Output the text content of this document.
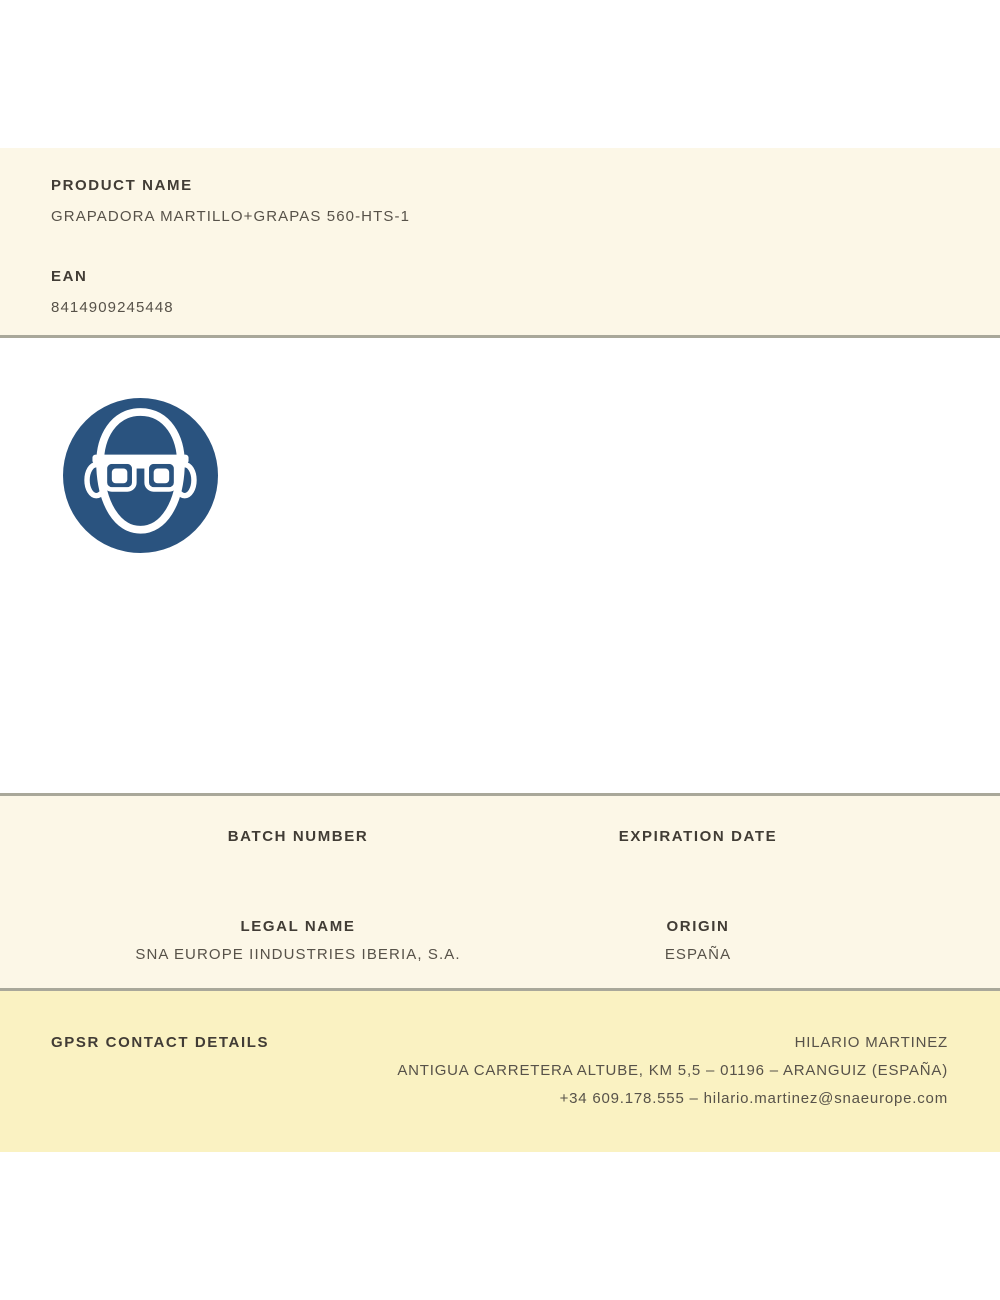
PRODUCT NAME
GRAPADORA MARTILLO+GRAPAS 560-HTS-1
EAN
8414909245448
BATCH NUMBER	EXPIRATION DATE
LEGAL NAME
SNA EUROPE IINDUSTRIES IBERIA, S.A.
ORIGIN
ESPAÑA
GPSR CONTACT DETAILS	HILARIO MARTINEZ
ANTIGUA CARRETERA ALTUBE, KM 5,5 – 01196 – ARANGUIZ (ESPAÑA)
+34 609.178.555 – hilario.martinez@snaeurope.com
